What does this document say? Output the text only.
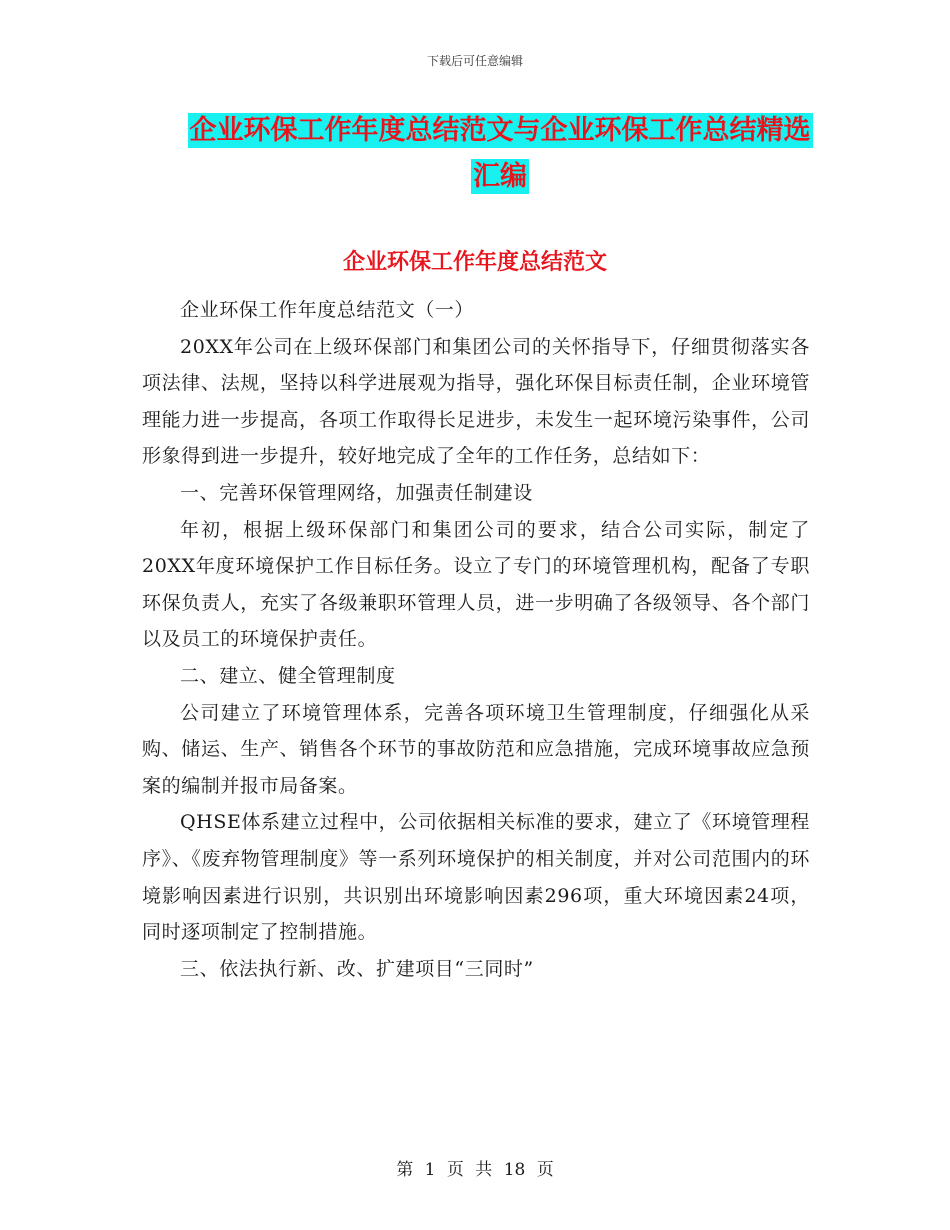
下载后可任意编辑
企业环保工作年度总结范文与企业环保工作总结精选
汇编
企业环保工作年度总结范文

企业环保工作年度总结范文（一）

20XX年公司在上级环保部门和集团公司的关怀指导下，仔细贯彻落实各项法律、法规，坚持以科学进展观为指导，强化环保目标责任制，企业环境管理能力进一步提高，各项工作取得长足进步，未发生一起环境污染事件，公司形象得到进一步提升，较好地完成了全年的工作任务，总结如下：

一、完善环保管理网络，加强责任制建设

年初，根据上级环保部门和集团公司的要求，结合公司实际，制定了20XX年度环境保护工作目标任务。设立了专门的环境管理机构，配备了专职环保负责人，充实了各级兼职环管理人员，进一步明确了各级领导、各个部门以及员工的环境保护责任。

二、建立、健全管理制度

公司建立了环境管理体系，完善各项环境卫生管理制度，仔细强化从采购、储运、生产、销售各个环节的事故防范和应急措施，完成环境事故应急预案的编制并报市局备案。

QHSE体系建立过程中，公司依据相关标准的要求，建立了《环境管理程序》、《废弃物管理制度》等一系列环境保护的相关制度，并对公司范围内的环境影响因素进行识别，共识别出环境影响因素296项，重大环境因素24项，同时逐项制定了控制措施。

三、依法执行新、改、扩建项目“三同时”

第 1 页 共 18 页
